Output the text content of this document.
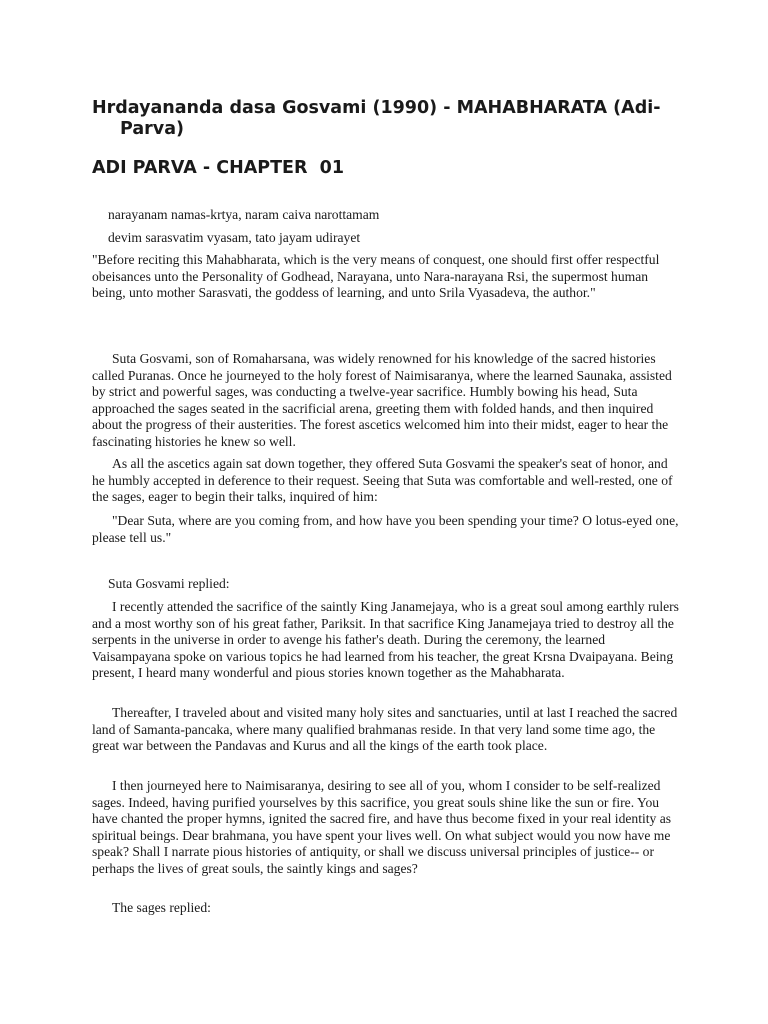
Hrdayananda dasa Gosvami (1990) - MAHABHARATA (Adi-Parva)
ADI PARVA - CHAPTER  01

narayanam namas-krtya, naram caiva narottamam

devim sarasvatim vyasam, tato jayam udirayet

"Before reciting this Mahabharata, which is the very means of conquest, one should first offer respectful obeisances unto the Personality of Godhead, Narayana, unto Nara-narayana Rsi, the supermost human being, unto mother Sarasvati, the goddess of learning, and unto Srila Vyasadeva, the author."

Suta Gosvami, son of Romaharsana, was widely renowned for his knowledge of the sacred histories called Puranas. Once he journeyed to the holy forest of Naimisaranya, where the learned Saunaka, assisted by strict and powerful sages, was conducting a twelve-year sacrifice. Humbly bowing his head, Suta approached the sages seated in the sacrificial arena, greeting them with folded hands, and then inquired about the progress of their austerities. The forest ascetics welcomed him into their midst, eager to hear the fascinating histories he knew so well.

As all the ascetics again sat down together, they offered Suta Gosvami the speaker's seat of honor, and he humbly accepted in deference to their request. Seeing that Suta was comfortable and well-rested, one of the sages, eager to begin their talks, inquired of him:

"Dear Suta, where are you coming from, and how have you been spending your time? O lotus-eyed one, please tell us."

Suta Gosvami replied:

I recently attended the sacrifice of the saintly King Janamejaya, who is a great soul among earthly rulers and a most worthy son of his great father, Pariksit. In that sacrifice King Janamejaya tried to destroy all the serpents in the universe in order to avenge his father's death. During the ceremony, the learned Vaisampayana spoke on various topics he had learned from his teacher, the great Krsna Dvaipayana. Being present, I heard many wonderful and pious stories known together as the Mahabharata.

Thereafter, I traveled about and visited many holy sites and sanctuaries, until at last I reached the sacred land of Samanta-pancaka, where many qualified brahmanas reside. In that very land some time ago, the great war between the Pandavas and Kurus and all the kings of the earth took place.

I then journeyed here to Naimisaranya, desiring to see all of you, whom I consider to be self-realized sages. Indeed, having purified yourselves by this sacrifice, you great souls shine like the sun or fire. You have chanted the proper hymns, ignited the sacred fire, and have thus become fixed in your real identity as spiritual beings. Dear brahmana, you have spent your lives well. On what subject would you now have me speak? Shall I narrate pious histories of antiquity, or shall we discuss universal principles of justice-- or perhaps the lives of great souls, the saintly kings and sages?

The sages replied:
